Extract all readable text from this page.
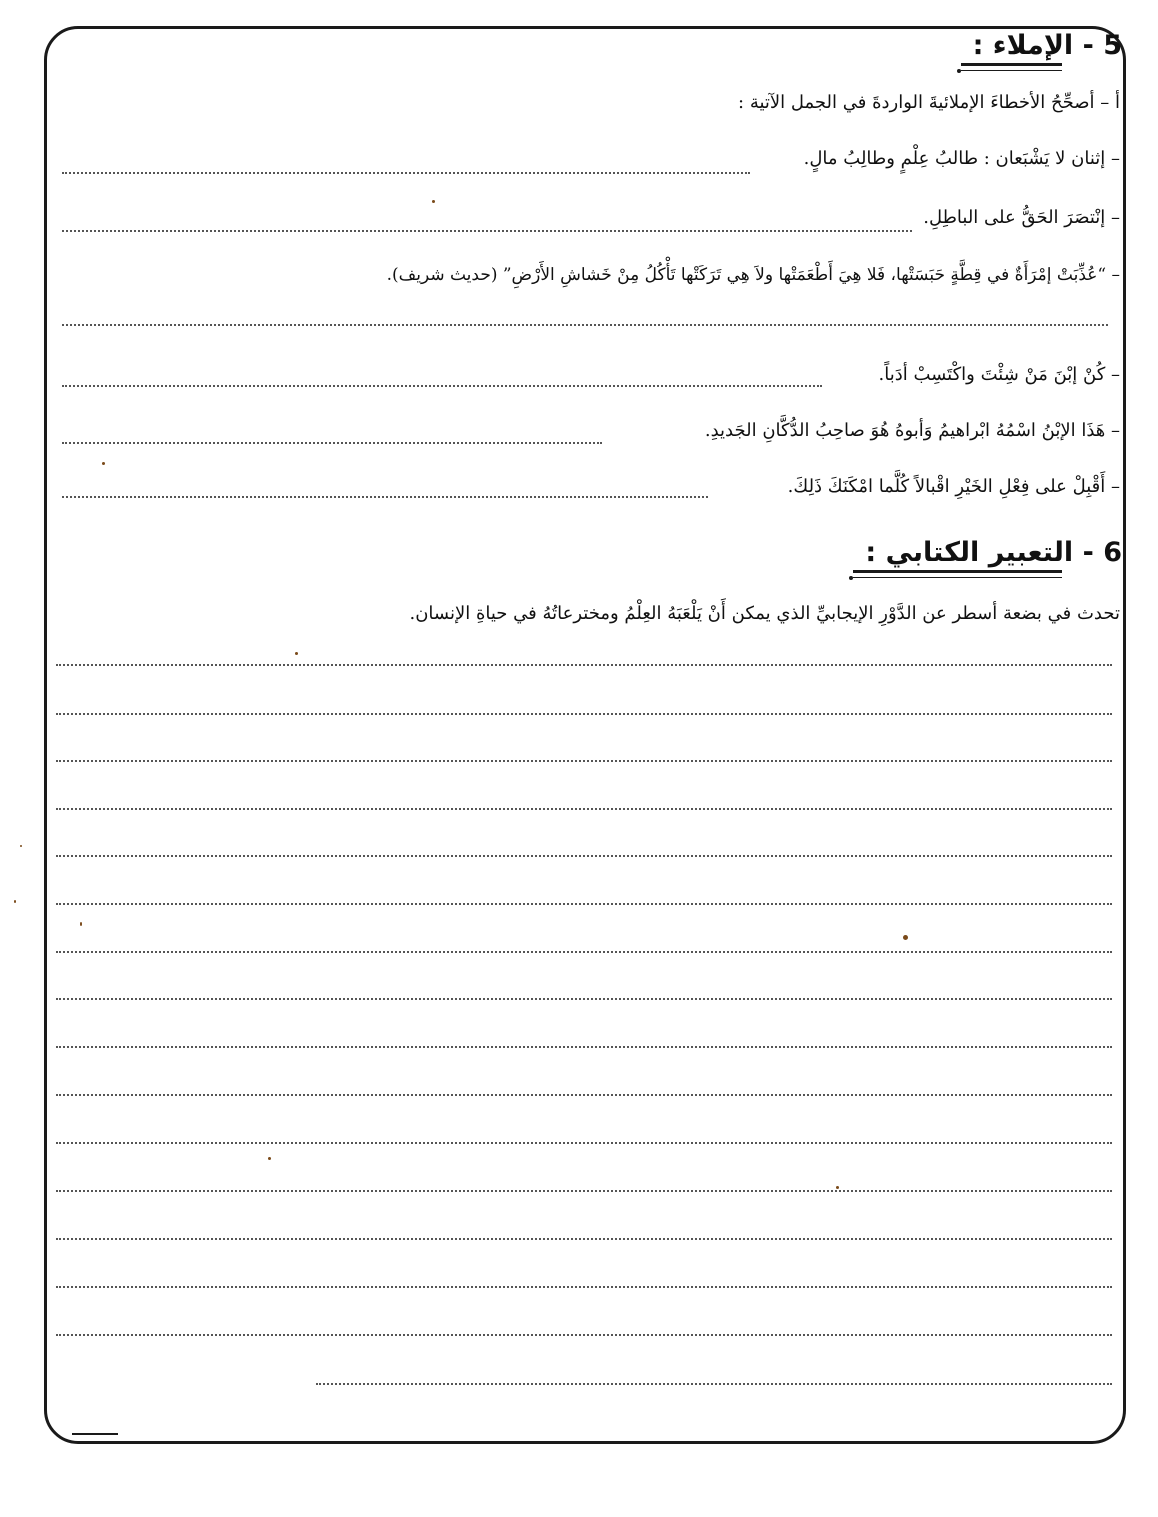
5 - الإملاء :
أ – أصحِّحُ الأخطاءَ الإملائيةَ الواردةَ في الجمل الآتية :
– إثنان لا يَشْبَعان : طالبُ عِلْمٍ وطالِبُ مالٍ.
– إنْتصَرَ الحَقُّ على الباطِلِ.
– “عُذِّبَتْ إمْرَأَةٌ في قِطَّةٍ حَبَسَتْها، فَلا هِيَ أَطْعَمَتْها ولاَ هِي تَرَكَتْها تَأْكُلُ مِنْ خَشاشِ الأَرْضِ” (حديث شريف).
– كُنْ إبْنَ مَنْ شِئْتَ واكْتَسِبْ أدَباً.
– هَذَا الإبْنُ اسْمُهُ ابْراهيمُ وَأبوهُ هُوَ صاحِبُ الدُّكَّانِ الجَديدِ.
– أَقْبِلْ على فِعْلِ الخَيْرِ اقْبالاً كُلَّما امْكَنَكَ ذَلِكَ.
6 - التعبير الكتابي :
تحدث في بضعة أسطر عن الدَّوْرِ الإيجابيِّ الذي يمكن أَنْ يَلْعَبَهُ العِلْمُ ومخترعاتُهُ في حياةِ الإنسان.
